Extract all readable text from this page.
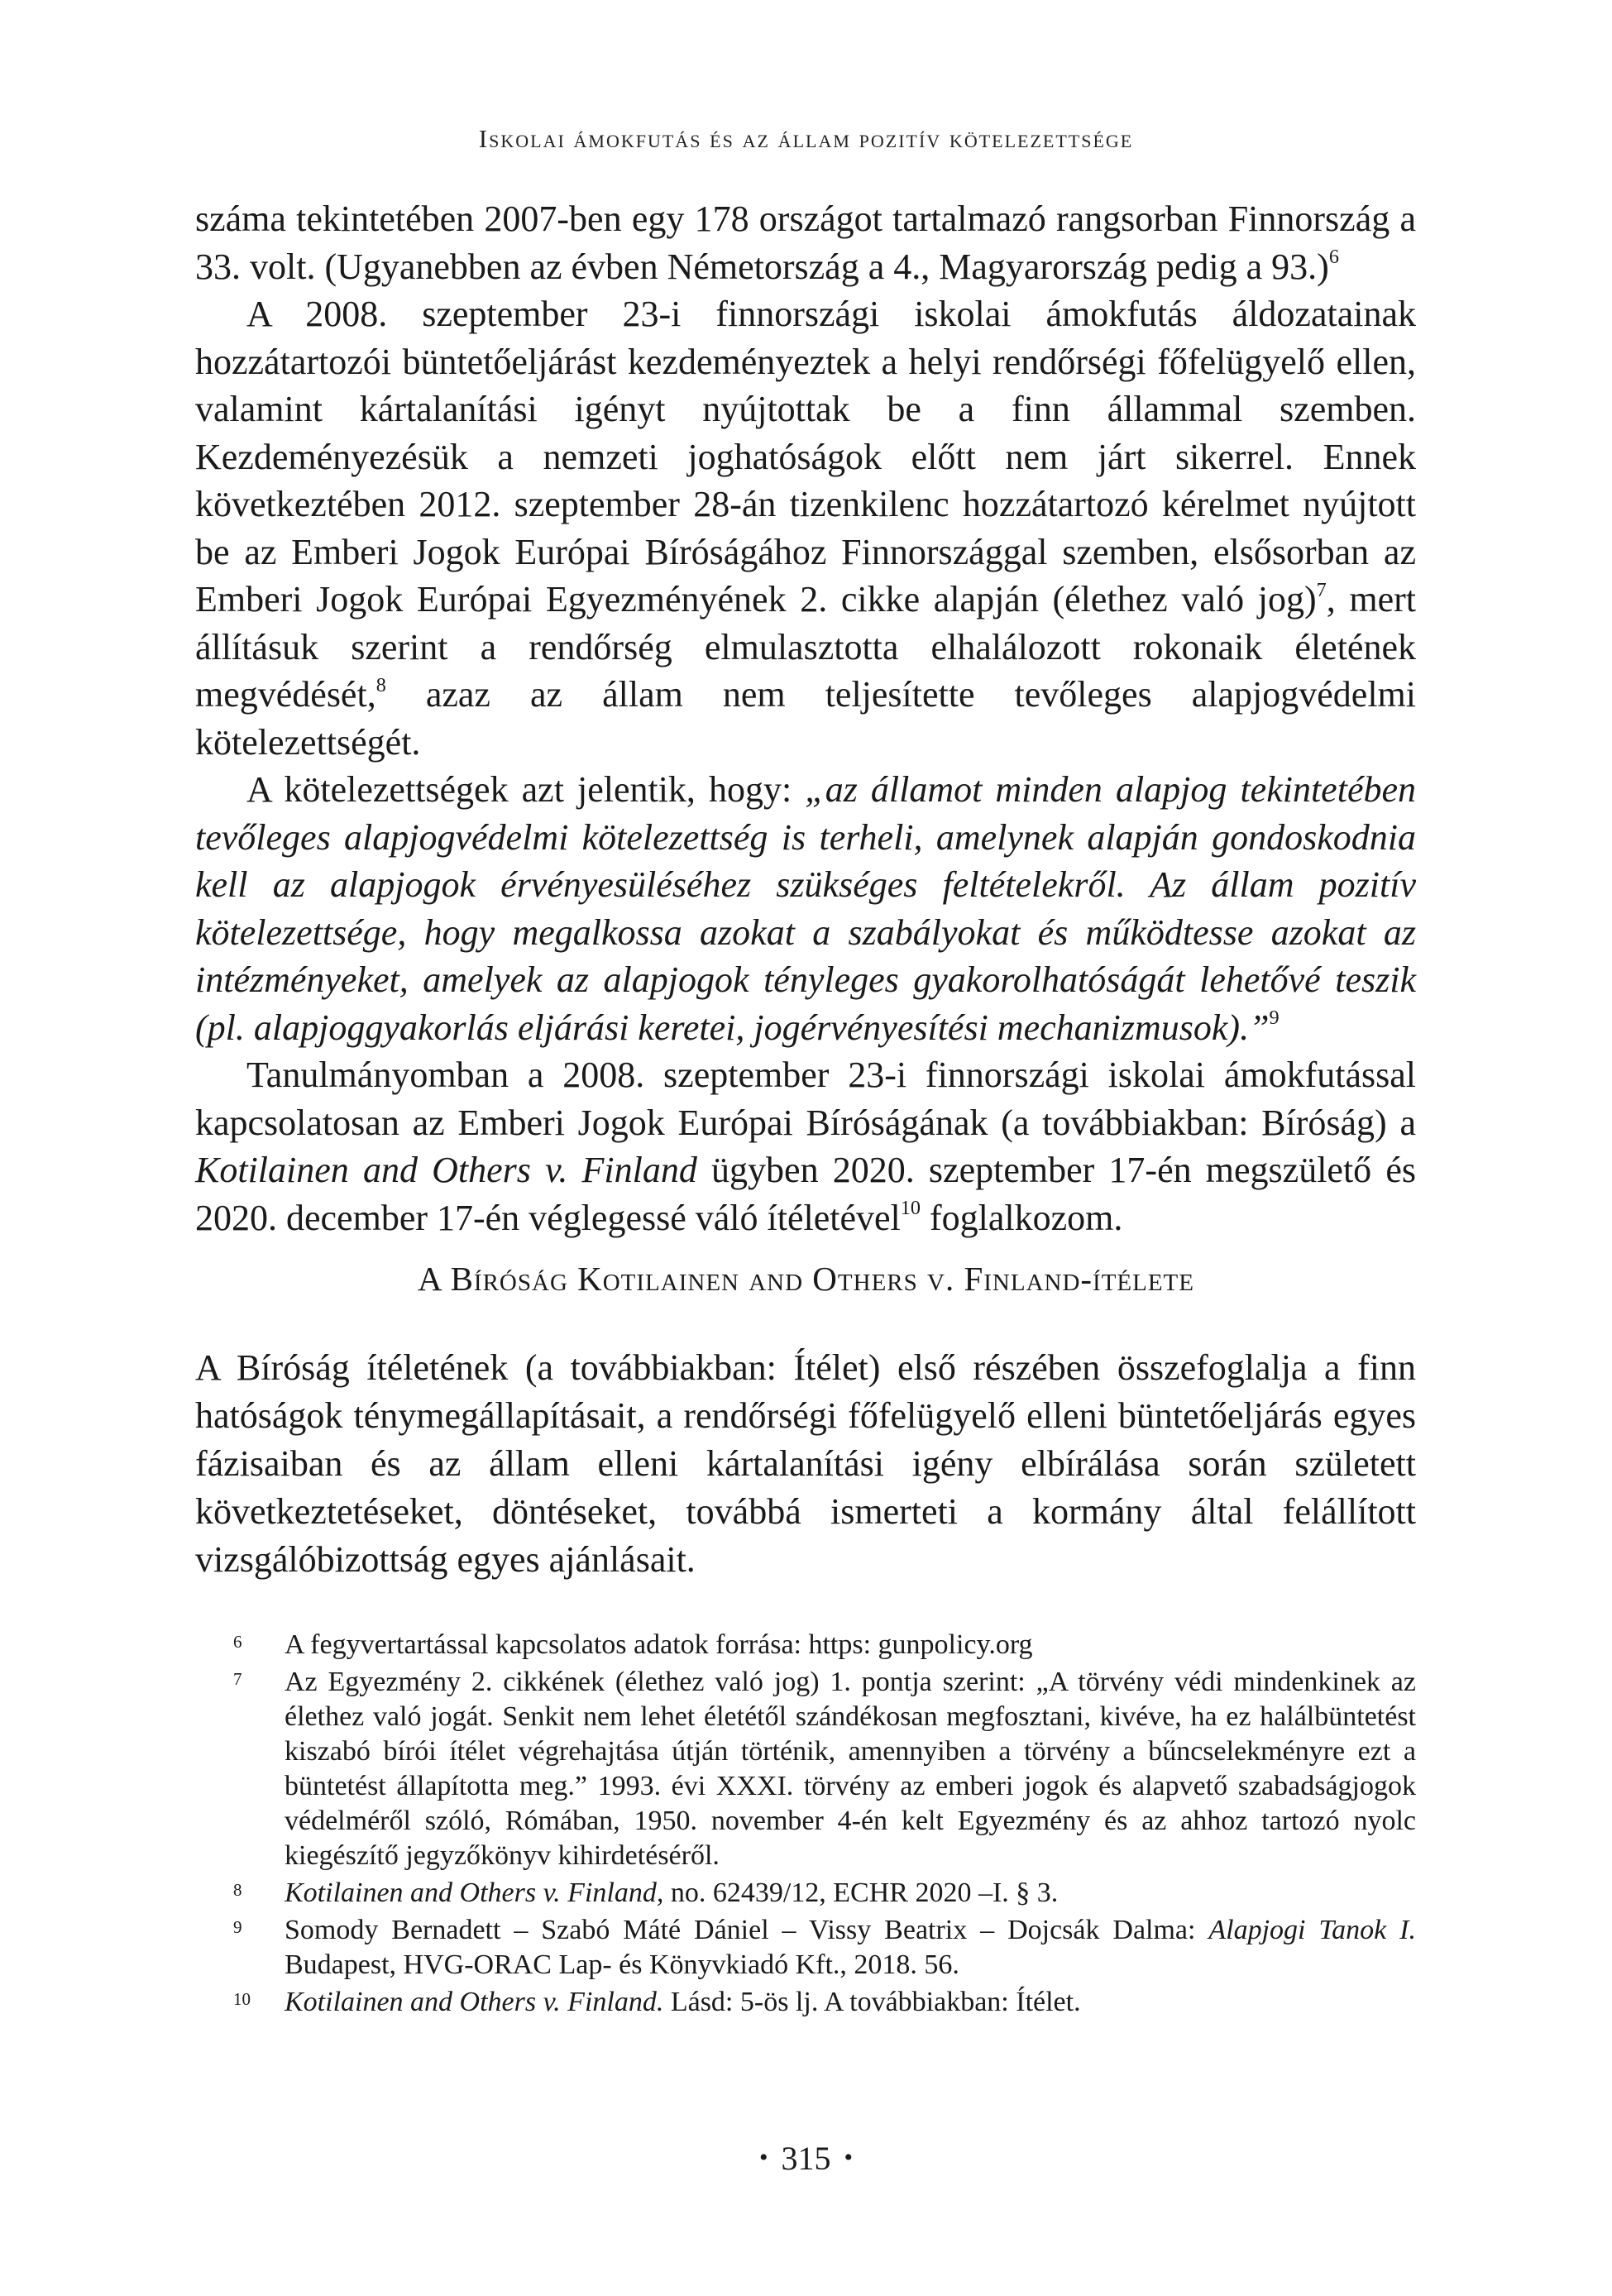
Iskolai ámokfutás és az állam pozitív kötelezettsége

száma tekintetében 2007-ben egy 178 országot tartalmazó rangsorban Finnország a 33. volt. (Ugyanebben az évben Németország a 4., Magyarország pedig a 93.)$^6$

A 2008. szeptember 23-i finnországi iskolai ámokfutás áldozatainak hozzátartozói büntetőeljárást kezdeményeztek a helyi rendőrségi főfelügyelő ellen, valamint kártalanítási igényt nyújtottak be a finn állammal szemben. Kezdeményezésük a nemzeti joghatóságok előtt nem járt sikerrel. Ennek következtében 2012. szeptember 28-án tizenkilenc hozzátartozó kérelmet nyújtott be az Emberi Jogok Európai Bíróságához Finnországgal szemben, elsősorban az Emberi Jogok Európai Egyezményének 2. cikke alapján (élethez való jog)$^7$, mert állításuk szerint a rendőrség elmulasztotta elhalálozott rokonaik életének megvédését,$^8$ azaz az állam nem teljesítette tevőleges alapjogvédelmi kötelezettségét.

A kötelezettségek azt jelentik, hogy: „az államot minden alapjog tekintetében tevőleges alapjogvédelmi kötelezettség is terheli, amelynek alapján gondoskodnia kell az alapjogok érvényesüléséhez szükséges feltételekről. Az állam pozitív kötelezettsége, hogy megalkossa azokat a szabályokat és működtesse azokat az intézményeket, amelyek az alapjogok tényleges gyakorolhatóságát lehetővé teszik (pl. alapjoggyakorlás eljárási keretei, jogérvényesítési mechanizmusok).”$^9$

Tanulmányomban a 2008. szeptember 23-i finnországi iskolai ámokfutással kapcsolatosan az Emberi Jogok Európai Bíróságának (a továbbiakban: Bíróság) a Kotilainen and Others v. Finland ügyben 2020. szeptember 17-én megszülető és 2020. december 17-én véglegessé váló ítéletével$^{10}$ foglalkozom.

A Bíróság Kotilainen and Others v. Finland-ítélete

A Bíróság ítéletének (a továbbiakban: Ítélet) első részében összefoglalja a finn hatóságok ténymegállapításait, a rendőrségi főfelügyelő elleni büntetőeljárás egyes fázisaiban és az állam elleni kártalanítási igény elbírálása során született következtetéseket, döntéseket, továbbá ismerteti a kormány által felállított vizsgálóbizottság egyes ajánlásait.

6	A fegyvertartással kapcsolatos adatok forrása: https: gunpolicy.org

7	Az Egyezmény 2. cikkének (élethez való jog) 1. pontja szerint: „A törvény védi mindenkinek az élethez való jogát. Senkit nem lehet életétől szándékosan megfosztani, kivéve, ha ez halálbüntetést kiszabó bírói ítélet végrehajtása útján történik, amennyiben a törvény a bűncselekményre ezt a büntetést állapította meg.” 1993. évi XXXI. törvény az emberi jogok és alapvető szabadságjogok védelméről szóló, Rómában, 1950. november 4-én kelt Egyezmény és az ahhoz tartozó nyolc kiegészítő jegyzőkönyv kihirdetéséről.

8	Kotilainen and Others v. Finland, no. 62439/12, ECHR 2020 –I. § 3.

9	Somody Bernadett – Szabó Máté Dániel – Vissy Beatrix – Dojcsák Dalma: Alapjogi Tanok I. Budapest, HVG-ORAC Lap- és Könyvkiadó Kft., 2018. 56.

10	Kotilainen and Others v. Finland. Lásd: 5-ös lj. A továbbiakban: Ítélet.

• 315 •
